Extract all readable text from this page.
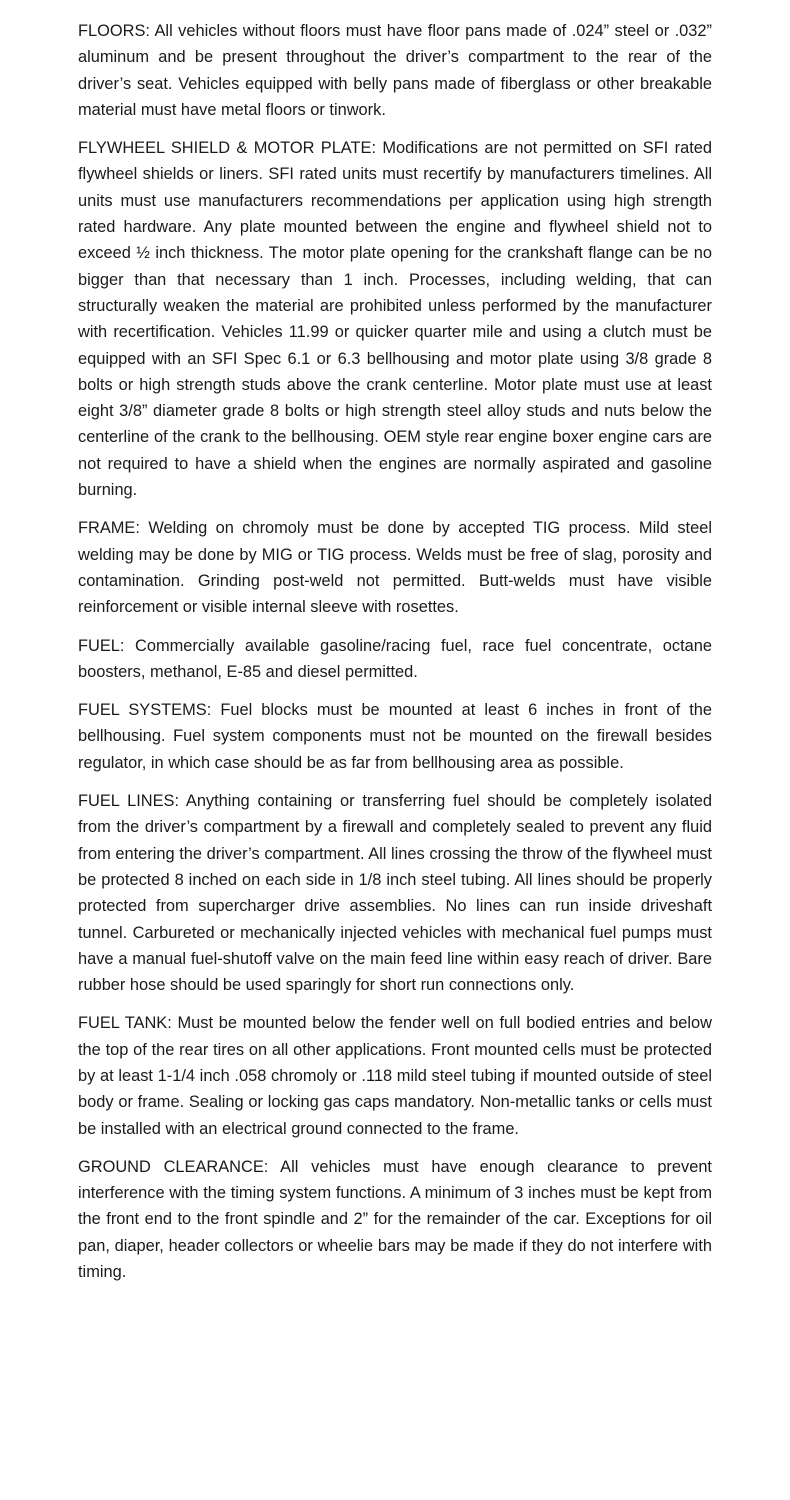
FLOORS: All vehicles without floors must have floor pans made of .024” steel or .032” aluminum and be present throughout the driver’s compartment to the rear of the driver’s seat. Vehicles equipped with belly pans made of fiberglass or other breakable material must have metal floors or tinwork.

FLYWHEEL SHIELD & MOTOR PLATE: Modifications are not permitted on SFI rated flywheel shields or liners. SFI rated units must recertify by manufacturers timelines. All units must use manufacturers recommendations per application using high strength rated hardware. Any plate mounted between the engine and flywheel shield not to exceed ½ inch thickness. The motor plate opening for the crankshaft flange can be no bigger than that necessary than 1 inch. Processes, including welding, that can structurally weaken the material are prohibited unless performed by the manufacturer with recertification. Vehicles 11.99 or quicker quarter mile and using a clutch must be equipped with an SFI Spec 6.1 or 6.3 bellhousing and motor plate using 3/8 grade 8 bolts or high strength studs above the crank centerline. Motor plate must use at least eight 3/8” diameter grade 8 bolts or high strength steel alloy studs and nuts below the centerline of the crank to the bellhousing. OEM style rear engine boxer engine cars are not required to have a shield when the engines are normally aspirated and gasoline burning.

FRAME: Welding on chromoly must be done by accepted TIG process. Mild steel welding may be done by MIG or TIG process. Welds must be free of slag, porosity and contamination. Grinding post-weld not permitted. Butt-welds must have visible reinforcement or visible internal sleeve with rosettes.

FUEL: Commercially available gasoline/racing fuel, race fuel concentrate, octane boosters, methanol, E-85 and diesel permitted.

FUEL SYSTEMS: Fuel blocks must be mounted at least 6 inches in front of the bellhousing. Fuel system components must not be mounted on the firewall besides regulator, in which case should be as far from bellhousing area as possible.

FUEL LINES: Anything containing or transferring fuel should be completely isolated from the driver’s compartment by a firewall and completely sealed to prevent any fluid from entering the driver’s compartment. All lines crossing the throw of the flywheel must be protected 8 inched on each side in 1/8 inch steel tubing. All lines should be properly protected from supercharger drive assemblies. No lines can run inside driveshaft tunnel. Carbureted or mechanically injected vehicles with mechanical fuel pumps must have a manual fuel-shutoff valve on the main feed line within easy reach of driver. Bare rubber hose should be used sparingly for short run connections only.

FUEL TANK: Must be mounted below the fender well on full bodied entries and below the top of the rear tires on all other applications. Front mounted cells must be protected by at least 1-1/4 inch .058 chromoly or .118 mild steel tubing if mounted outside of steel body or frame. Sealing or locking gas caps mandatory. Non-metallic tanks or cells must be installed with an electrical ground connected to the frame.

GROUND CLEARANCE: All vehicles must have enough clearance to prevent interference with the timing system functions. A minimum of 3 inches must be kept from the front end to the front spindle and 2” for the remainder of the car. Exceptions for oil pan, diaper, header collectors or wheelie bars may be made if they do not interfere with timing.
